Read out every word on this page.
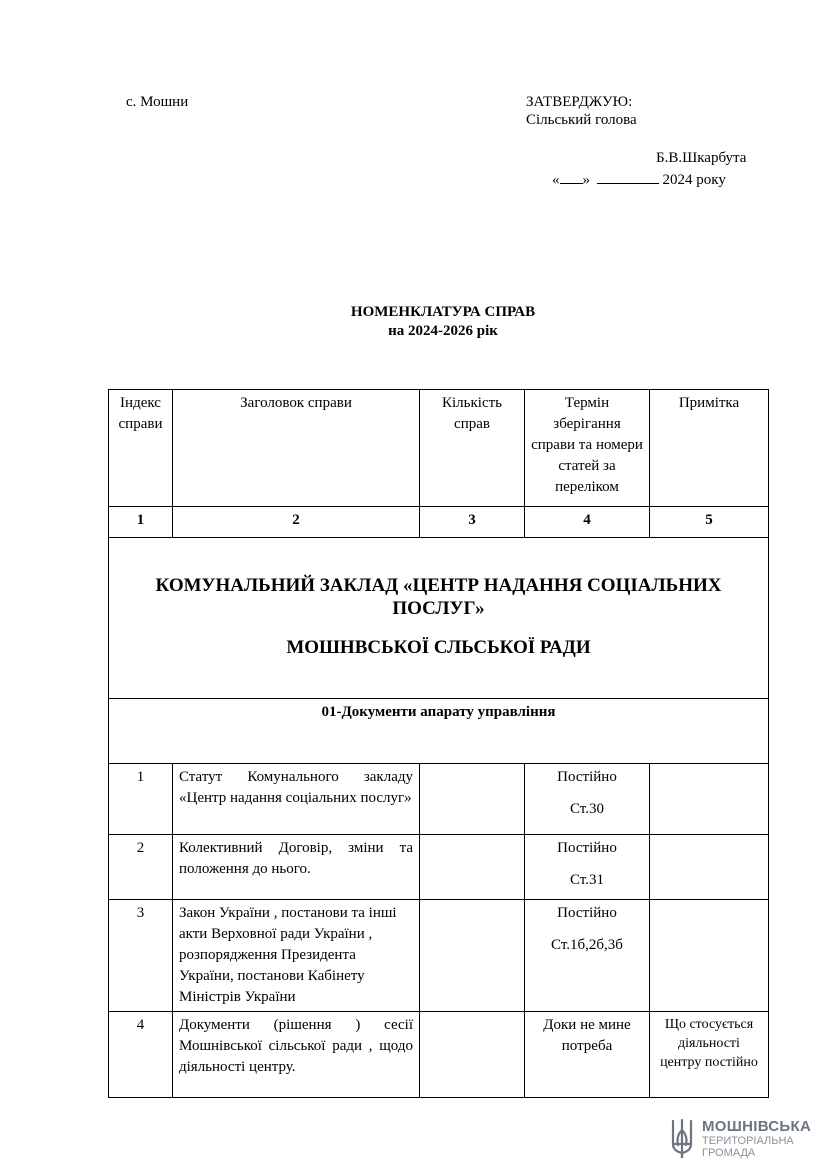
с. Мошни	ЗАТВЕРДЖУЮ:
Сільський голова
Б.В.Шкарбута
« »	2024 року
НОМЕНКЛАТУРА СПРАВ
на 2024-2026 рік
Індекс справи	Заголовок справи	Кількість справ	Термін зберігання справи та номери статей за переліком	Примітка
1	2	3	4	5

КОМУНАЛЬНИЙ ЗАКЛАД «ЦЕНТР НАДАННЯ СОЦІАЛЬНИХ ПОСЛУГ»
МОШНВСЬКОЇ СЛЬСЬКОЇ РАДИ				

01-Документи апарату управління				
1	Статут Комунального закладу «Центр надання соціальних послуг»		Постійно
Ст.30	

2	Колективний Договір, зміни та положення до нього.		Постійно
Ст.31	

3	Закон України , постанови та інші акти Верховної ради України , розпорядження Президента України, постанови Кабінету Міністрів України		Постійно
Ст.1б,2б,3б	

4	Документи (рішення ) сесії Мошнівської сільської ради , щодо діяльності центру.		Доки не мине потреба	Що стосується діяльності центру постійно
МОШНІВСЬКА
ТЕРИТОРІАЛЬНА
ГРОМАДА
